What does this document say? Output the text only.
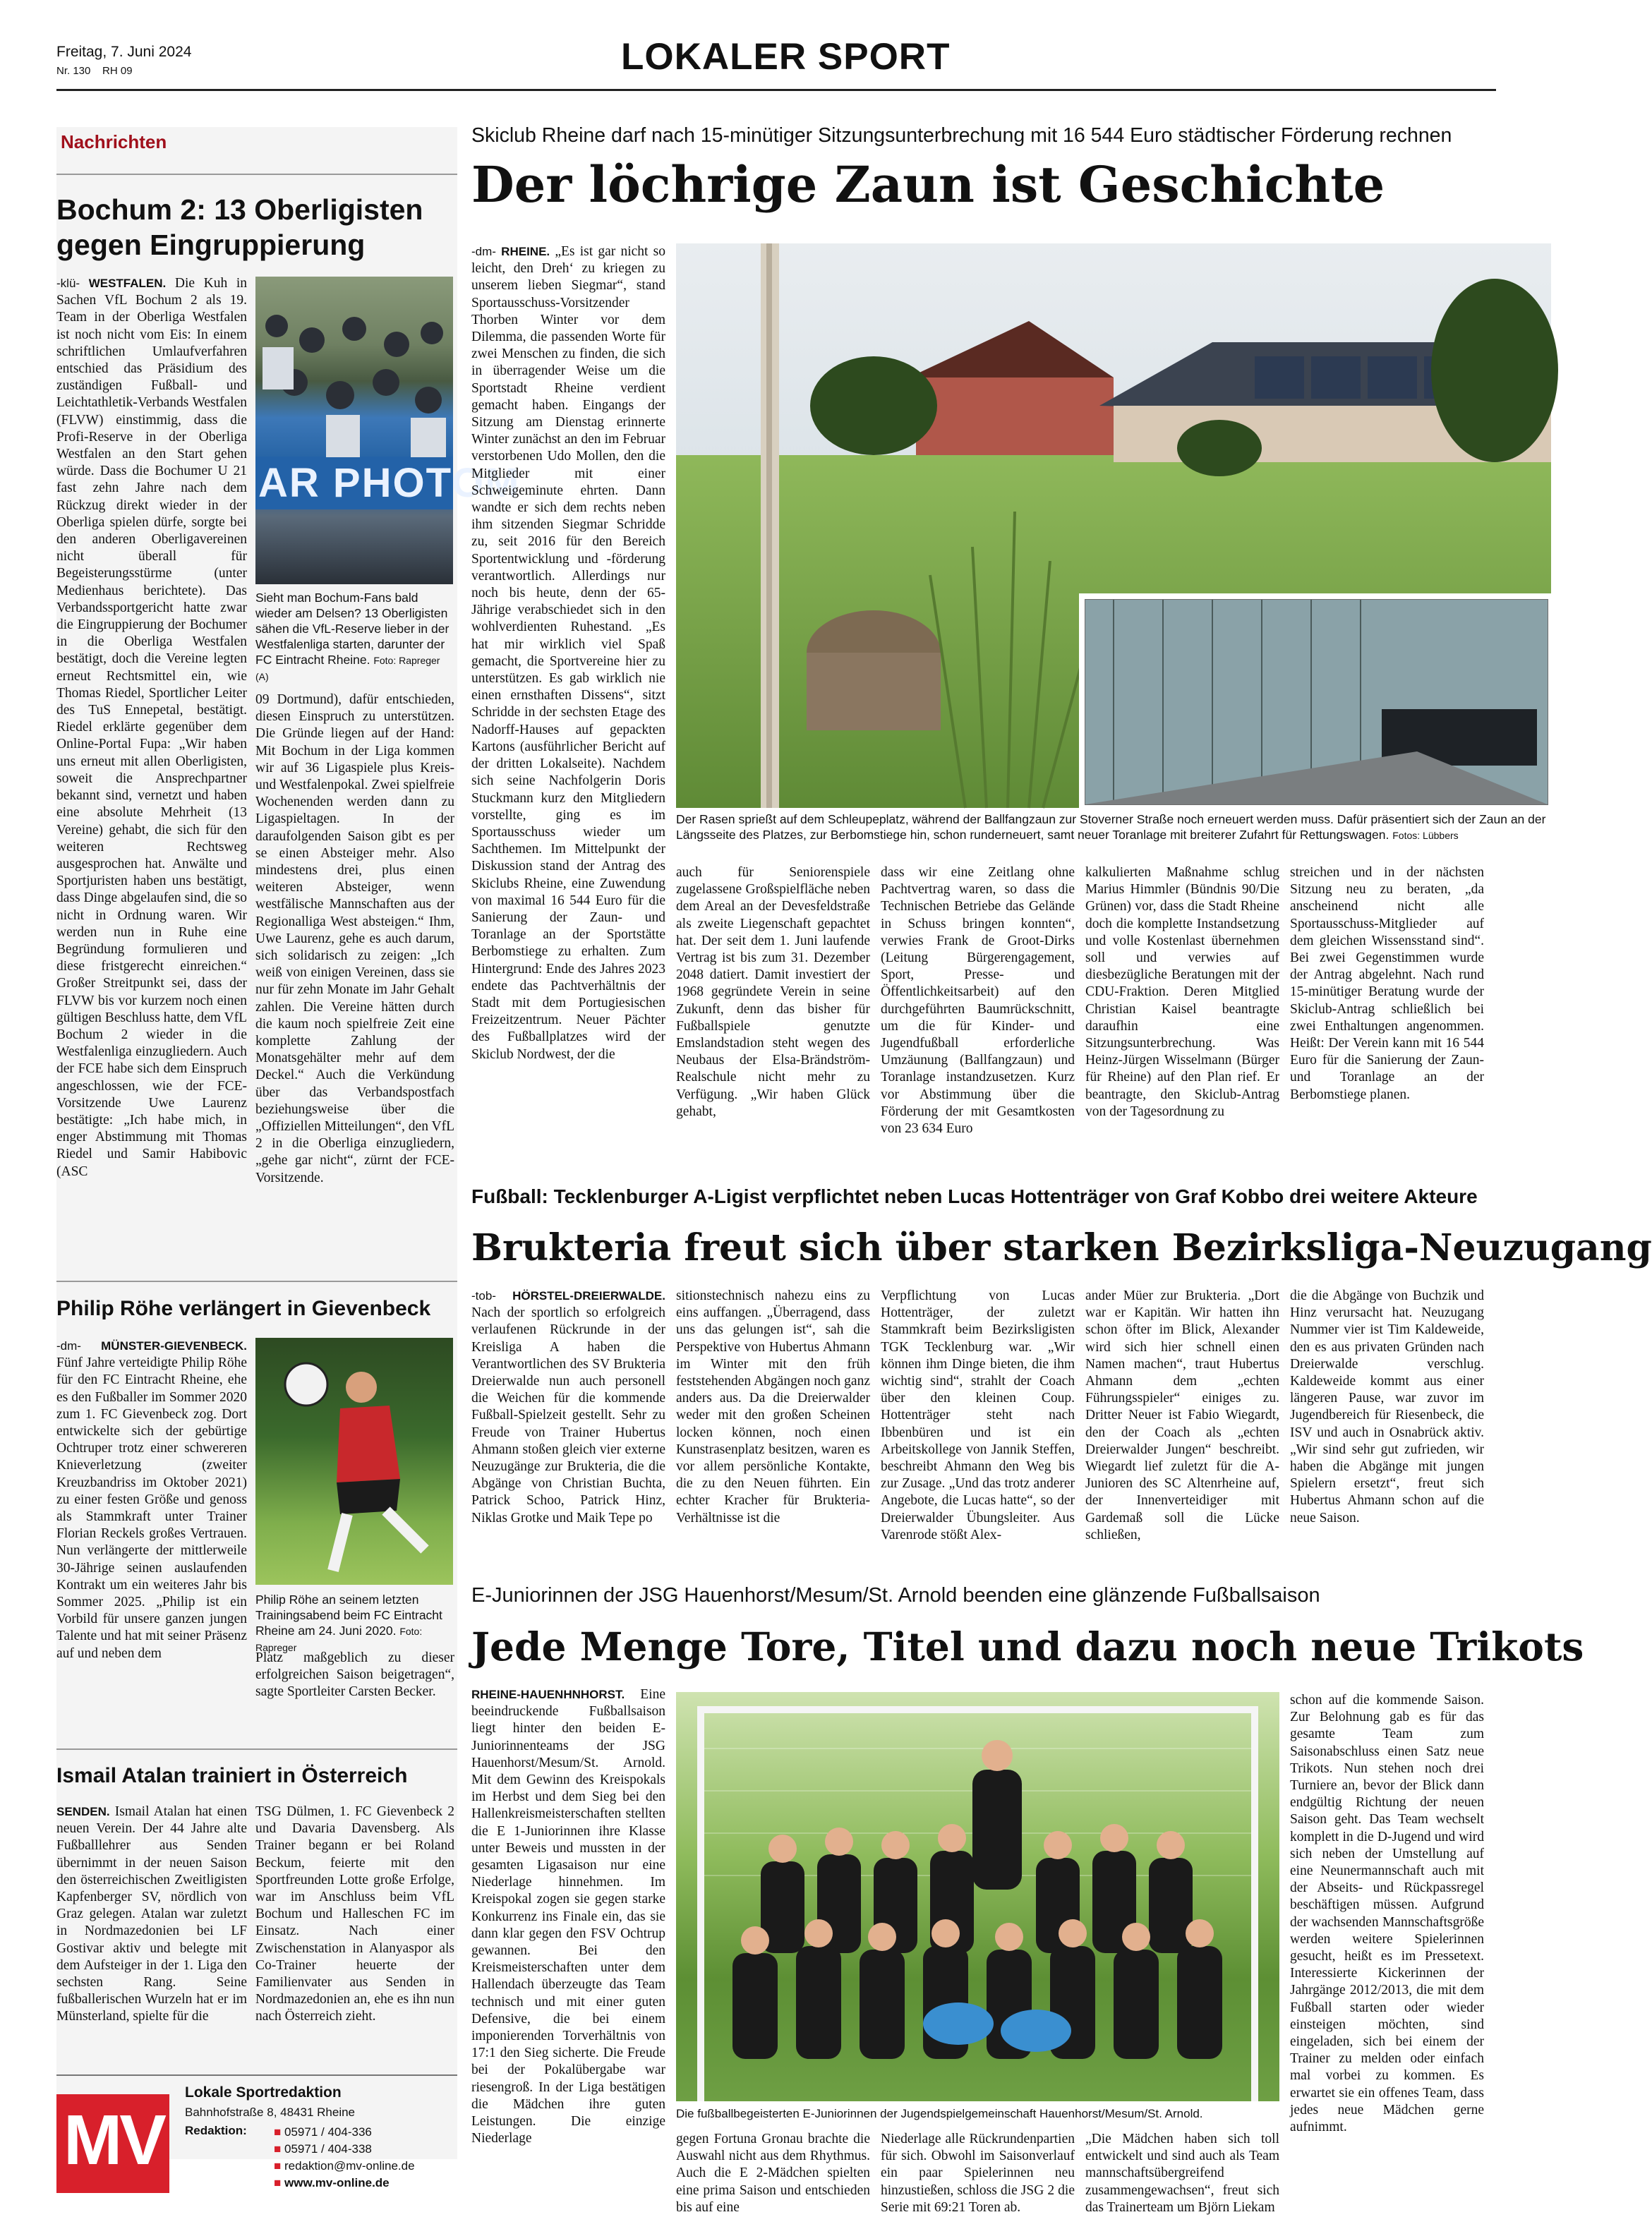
Freitag, 7. Juni 2024
Nr. 130 RH 09	LOKALER SPORT
Nachrichten
Bochum 2: 13 Oberligisten gegen Eingruppierung
-klü- WESTFALEN. Die Kuh in Sachen VfL Bochum 2 als 19. Team in der Oberliga Westfalen ist noch nicht vom Eis: In einem schriftlichen Umlaufverfahren entschied das Präsidium des zuständigen Fußball- und Leichtathletik-Verbands Westfalen (FLVW) einstimmig, dass die Profi-Reserve in der Oberliga Westfalen an den Start gehen würde. Dass die Bochumer U 21 fast zehn Jahre nach dem Rückzug direkt wieder in der Oberliga spielen dürfe, sorgte bei den anderen Oberligavereinen nicht überall für Begeisterungsstürme (unter Medienhaus berichtete). Das Verbandssportgericht hatte zwar die Eingruppierung der Bochumer in die Oberliga Westfalen bestätigt, doch die Vereine legten erneut Rechtsmittel ein, wie Thomas Riedel, Sportlicher Leiter des TuS Ennepetal, bestätigt. Riedel erklärte gegenüber dem Online-Portal Fupa: „Wir haben uns erneut mit allen Oberligisten, soweit die Ansprechpartner bekannt sind, vernetzt und haben eine absolute Mehrheit (13 Vereine) gehabt, die sich für den weiteren Rechtsweg ausgesprochen hat. Anwälte und Sportjuristen haben uns bestätigt, dass Dinge abgelaufen sind, die so nicht in Ordnung waren. Wir werden nun in Ruhe eine Begründung formulieren und diese fristgerecht einreichen.“ Großer Streitpunkt sei, dass der FLVW bis vor kurzem noch einen gültigen Beschluss hatte, dem VfL Bochum 2 wieder in die Westfalenliga einzugliedern. Auch der FCE habe sich dem Einspruch angeschlossen, wie der FCE-Vorsitzende Uwe Laurenz bestätigte: „Ich habe mich, in enger Abstimmung mit Thomas Riedel und Samir Habibovic (ASC
AR PHOTOM
Sieht man Bochum-Fans bald wieder am Delsen? 13 Oberligisten sähen die VfL-Reserve lieber in der Westfalenliga starten, darunter der FC Eintracht Rheine. Foto: Rapreger (A)
09 Dortmund), dafür entschieden, diesen Einspruch zu unterstützen. Die Gründe liegen auf der Hand: Mit Bochum in der Liga kommen wir auf 36 Ligaspiele plus Kreis- und Westfalenpokal. Zwei spielfreie Wochenenden werden dann zu Ligaspieltagen. In der daraufolgenden Saison gibt es per se einen Absteiger mehr. Also mindestens drei, plus einen weiteren Absteiger, wenn westfälische Mannschaften aus der Regionalliga West absteigen.“ Ihm, Uwe Laurenz, gehe es auch darum, sich solidarisch zu zeigen: „Ich weiß von einigen Vereinen, dass sie nur für zehn Monate im Jahr Gehalt zahlen. Die Vereine hätten durch die kaum noch spielfreie Zeit eine komplette Zahlung der Monatsgehälter mehr auf dem Deckel.“ Auch die Verkündung über das Verbandspostfach beziehungsweise über die „Offiziellen Mitteilungen“, den VfL 2 in die Oberliga einzugliedern, „gehe gar nicht“, zürnt der FCE-Vorsitzende.
Philip Röhe verlängert in Gievenbeck
-dm- MÜNSTER-GIEVENBECK. Fünf Jahre verteidigte Philip Röhe für den FC Eintracht Rheine, ehe es den Fußballer im Sommer 2020 zum 1. FC Gievenbeck zog. Dort entwickelte sich der gebürtige Ochtruper trotz einer schwereren Knieverletzung (zweiter Kreuzbandriss im Oktober 2021) zu einer festen Größe und genoss als Stammkraft unter Trainer Florian Reckels großes Vertrauen. Nun verlängerte der mittlerweile 30-Jährige seinen auslaufenden Kontrakt um ein weiteres Jahr bis Sommer 2025. „Philip ist ein Vorbild für unsere ganzen jungen Talente und hat mit seiner Präsenz auf und neben dem
Philip Röhe an seinem letzten Trainingsabend beim FC Eintracht Rheine am 24. Juni 2020. Foto: Rapreger
Platz maßgeblich zu dieser erfolgreichen Saison beigetragen“, sagte Sportleiter Carsten Becker.
Ismail Atalan trainiert in Österreich
SENDEN. Ismail Atalan hat einen neuen Verein. Der 44 Jahre alte Fußballlehrer aus Senden übernimmt in der neuen Saison den österreichischen Zweitligisten Kapfenberger SV, nördlich von Graz gelegen. Atalan war zuletzt in Nordmazedonien bei LF Gostivar aktiv und belegte mit dem Aufsteiger in der 1. Liga den sechsten Rang. Seine fußballerischen Wurzeln hat er im Münsterland, spielte für die
TSG Dülmen, 1. FC Gievenbeck 2 und Davaria Davensberg. Als Trainer begann er bei Roland Beckum, feierte mit den Sportfreunden Lotte große Erfolge, war im Anschluss beim VfL Bochum und Halleschen FC im Einsatz. Nach einer Zwischenstation in Alanyaspor als Co-Trainer heuerte der Familienvater aus Senden in Nordmazedonien an, ehe es ihn nun nach Österreich zieht.
MV
Lokale Sportredaktion
Bahnhofstraße 8, 48431 Rheine
Redaktion: ■ 05971 / 404-336
■ 05971 / 404-338
■ redaktion@mv-online.de
■ www.mv-online.de
Skiclub Rheine darf nach 15-minütiger Sitzungsunterbrechung mit 16 544 Euro städtischer Förderung rechnen
Der löchrige Zaun ist Geschichte
-dm- RHEINE. „Es ist gar nicht so leicht, den Dreh‘ zu kriegen zu unserem lieben Siegmar“, stand Sportausschuss-Vorsitzender Thorben Winter vor dem Dilemma, die passenden Worte für zwei Menschen zu finden, die sich in überragender Weise um die Sportstadt Rheine verdient gemacht haben. Eingangs der Sitzung am Dienstag erinnerte Winter zunächst an den im Februar verstorbenen Udo Mollen, den die Mitglieder mit einer Schweigeminute ehrten. Dann wandte er sich dem rechts neben ihm sitzenden Siegmar Schridde zu, seit 2016 für den Bereich Sportentwicklung und -förderung verantwortlich. Allerdings nur noch bis heute, denn der 65-Jährige verabschiedet sich in den wohlverdienten Ruhestand. „Es hat mir wirklich viel Spaß gemacht, die Sportvereine hier zu unterstützen. Es gab wirklich nie einen ernsthaften Dissens“, sitzt Schridde in der sechsten Etage des Nadorff-Hauses auf gepackten Kartons (ausführlicher Bericht auf der dritten Lokalseite). Nachdem sich seine Nachfolgerin Doris Stuckmann kurz den Mitgliedern vorstellte, ging es im Sportausschuss wieder um Sachthemen. Im Mittelpunkt der Diskussion stand der Antrag des Skiclubs Rheine, eine Zuwendung von maximal 16 544 Euro für die Sanierung der Zaun- und Toranlage an der Sportstätte Berbomstiege zu erhalten. Zum Hintergrund: Ende des Jahres 2023 endete das Pachtverhältnis der Stadt mit dem Portugiesischen Freizeitzentrum. Neuer Pächter des Fußballplatzes wird der Skiclub Nordwest, der die
Der Rasen sprießt auf dem Schleupeplatz, während der Ballfangzaun zur Stoverner Straße noch erneuert werden muss. Dafür präsentiert sich der Zaun an der Längsseite des Platzes, zur Berbomstiege hin, schon runderneuert, samt neuer Toranlage mit breiterer Zufahrt für Rettungswagen. Fotos: Lübbers
auch für Seniorenspiele zugelassene Großspielfläche neben dem Areal an der Devesfeldstraße als zweite Liegenschaft gepachtet hat. Der seit dem 1. Juni laufende Vertrag ist bis zum 31. Dezember 2048 datiert. Damit investiert der 1968 gegründete Verein in seine Zukunft, denn das bisher für Fußballspiele genutzte Emslandstadion steht wegen des Neubaus der Elsa-Brändström-Realschule nicht mehr zu Verfügung. „Wir haben Glück gehabt,
dass wir eine Zeitlang ohne Pachtvertrag waren, so dass die Technischen Betriebe das Gelände in Schuss bringen konnten“, verwies Frank de Groot-Dirks (Leitung Bürgerengagement, Sport, Presse- und Öffentlichkeitsarbeit) auf den durchgeführten Baumrückschnitt, um die für Kinder- und Jugendfußball erforderliche Umzäunung (Ballfangzaun) und Toranlage instandzusetzen. Kurz vor Abstimmung über die Förderung der mit Gesamtkosten von 23 634 Euro
kalkulierten Maßnahme schlug Marius Himmler (Bündnis 90/Die Grünen) vor, dass die Stadt Rheine doch die komplette Instandsetzung und volle Kostenlast übernehmen soll und verwies auf diesbezügliche Beratungen mit der CDU-Fraktion. Deren Mitglied Christian Kaisel beantragte daraufhin eine Sitzungsunterbrechung. Was Heinz-Jürgen Wisselmann (Bürger für Rheine) auf den Plan rief. Er beantragte, den Skiclub-Antrag von der Tagesordnung zu
streichen und in der nächsten Sitzung neu zu beraten, „da anscheinend nicht alle Sportausschuss-Mitglieder auf dem gleichen Wissensstand sind“. Bei zwei Gegenstimmen wurde der Antrag abgelehnt. Nach rund 15-minütiger Beratung wurde der Skiclub-Antrag schließlich bei zwei Enthaltungen angenommen. Heißt: Der Verein kann mit 16 544 Euro für die Sanierung der Zaun- und Toranlage an der Berbomstiege planen.
Fußball: Tecklenburger A-Ligist verpflichtet neben Lucas Hottenträger von Graf Kobbo drei weitere Akteure
Brukteria freut sich über starken Bezirksliga-Neuzugang
-tob- HÖRSTEL-DREIERWALDE. Nach der sportlich so erfolgreich verlaufenen Rückrunde in der Kreisliga A haben die Verantwortlichen des SV Brukteria Dreierwalde nun auch personell die Weichen für die kommende Fußball-Spielzeit gestellt. Sehr zu Freude von Trainer Hubertus Ahmann stoßen gleich vier externe Neuzugänge zur Brukteria, die die Abgänge von Christian Buchta, Patrick Schoo, Patrick Hinz, Niklas Grotke und Maik Tepe po
sitionstechnisch nahezu eins zu eins auffangen. „Überragend, dass uns das gelungen ist“, sah die Perspektive von Hubertus Ahmann im Winter mit den früh feststehenden Abgängen noch ganz anders aus. Da die Dreierwalder weder mit den großen Scheinen locken können, noch einen Kunstrasenplatz besitzen, waren es vor allem persönliche Kontakte, die zu den Neuen führten. Ein echter Kracher für Brukteria-Verhältnisse ist die
Verpflichtung von Lucas Hottenträger, der zuletzt Stammkraft beim Bezirksligisten TGK Tecklenburg war. „Wir können ihm Dinge bieten, die ihm wichtig sind“, strahlt der Coach über den kleinen Coup. Hottenträger steht nach Ibbenbüren und ist ein Arbeitskollege von Jannik Steffen, beschreibt Ahmann den Weg bis zur Zusage. „Und das trotz anderer Angebote, die Lucas hatte“, so der Dreierwalder Übungsleiter. Aus Varenrode stößt Alex-
ander Müer zur Brukteria. „Dort war er Kapitän. Wir hatten ihn schon öfter im Blick, Alexander wird sich hier schnell einen Namen machen“, traut Hubertus Ahmann dem „echten Führungsspieler“ einiges zu. Dritter Neuer ist Fabio Wiegardt, den der Coach als „echten Dreierwalder Jungen“ beschreibt. Wiegardt lief zuletzt für die A-Junioren des SC Altenrheine auf, der Innenverteidiger mit Gardemaß soll die Lücke schließen,
die die Abgänge von Buchzik und Hinz verursacht hat. Neuzugang Nummer vier ist Tim Kaldeweide, den es aus privaten Gründen nach Dreierwalde verschlug. Kaldeweide kommt aus einer längeren Pause, war zuvor im Jugendbereich für Riesenbeck, die ISV und auch in Osnabrück aktiv. „Wir sind sehr gut zufrieden, wir haben die Abgänge mit jungen Spielern ersetzt“, freut sich Hubertus Ahmann schon auf die neue Saison.
E-Juniorinnen der JSG Hauenhorst/Mesum/St. Arnold beenden eine glänzende Fußballsaison
Jede Menge Tore, Titel und dazu noch neue Trikots
RHEINE-HAUENHNHORST. Eine beeindruckende Fußballsaison liegt hinter den beiden E-Juniorinnenteams der JSG Hauenhorst/Mesum/St. Arnold. Mit dem Gewinn des Kreispokals im Herbst und dem Sieg bei den Hallenkreismeisterschaften stellten die E 1-Juniorinnen ihre Klasse unter Beweis und mussten in der gesamten Ligasaison nur eine Niederlage hinnehmen. Im Kreispokal zogen sie gegen starke Konkurrenz ins Finale ein, das sie dann klar gegen den FSV Ochtrup gewannen. Bei den Kreismeisterschaften unter dem Hallendach überzeugte das Team technisch und mit einer guten Defensive, die bei einem imponierenden Torverhältnis von 17:1 den Sieg sicherte. Die Freude bei der Pokalübergabe war riesengroß. In der Liga bestätigen die Mädchen ihre guten Leistungen. Die einzige Niederlage
Die fußballbegeisterten E-Juniorinnen der Jugendspielgemeinschaft Hauenhorst/Mesum/St. Arnold.
gegen Fortuna Gronau brachte die Auswahl nicht aus dem Rhythmus. Auch die E 2-Mädchen spielten eine prima Saison und entschieden bis auf eine
Niederlage alle Rückrundenpartien für sich. Obwohl im Saisonverlauf ein paar Spielerinnen neu hinzustießen, schloss die JSG 2 die Serie mit 69:21 Toren ab.
„Die Mädchen haben sich toll entwickelt und sind auch als Team mannschaftsübergreifend zusammengewachsen“, freut sich das Trainerteam um Björn Liekam
schon auf die kommende Saison. Zur Belohnung gab es für das gesamte Team zum Saisonabschluss einen Satz neue Trikots. Nun stehen noch drei Turniere an, bevor der Blick dann endgültig Richtung der neuen Saison geht. Das Team wechselt komplett in die D-Jugend und wird sich neben der Umstellung auf eine Neunermannschaft auch mit der Abseits- und Rückpassregel beschäftigen müssen. Aufgrund der wachsenden Mannschaftsgröße werden weitere Spielerinnen gesucht, heißt es im Pressetext. Interessierte Kickerinnen der Jahrgänge 2012/2013, die mit dem Fußball starten oder wieder einsteigen möchten, sind eingeladen, sich bei einem der Trainer zu melden oder einfach mal vorbei zu kommen. Es erwartet sie ein offenes Team, dass jedes neue Mädchen gerne aufnimmt.
